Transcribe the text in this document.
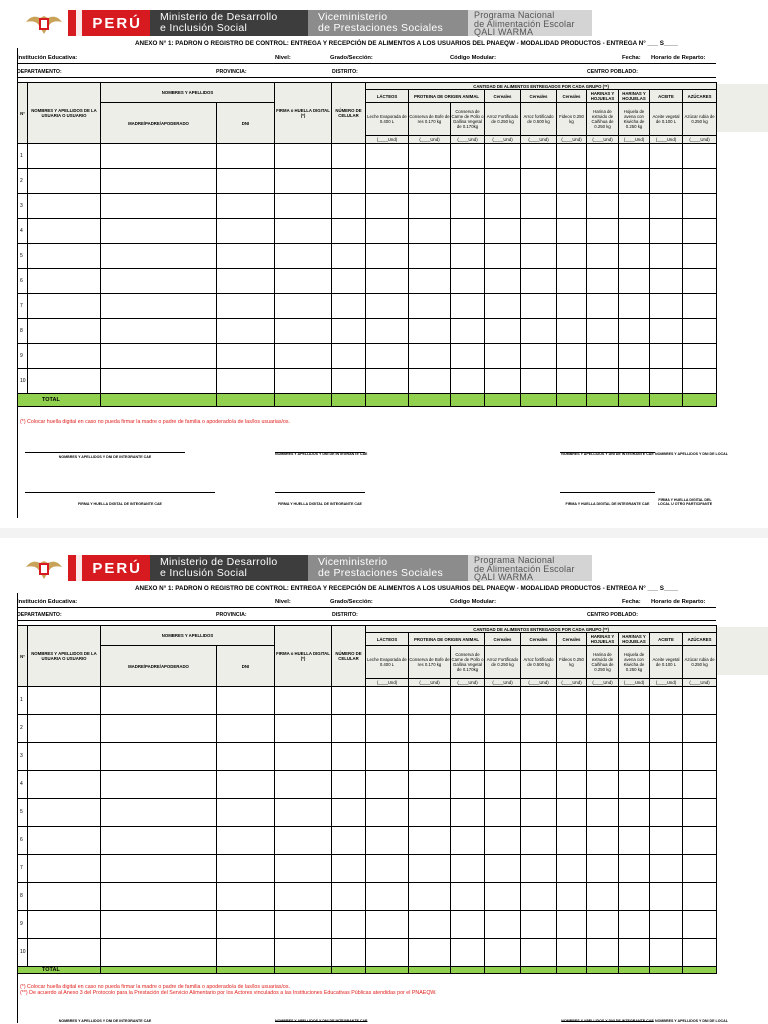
PERÚ Ministerio de Desarrollo
e Inclusión Social
Viceministerio
de Prestaciones Sociales
Programa Nacional
de Alimentación Escolar
QALI WARMA
ANEXO N° 1: PADRON O REGISTRO DE CONTROL: ENTREGA Y RECEPCIÓN DE ALIMENTOS A LOS USUARIOS DEL PNAEQW - MODALIDAD PRODUCTOS - ENTREGA N° ___ S____
Institución Educativa:	Nivel:	Grado/Sección:	Código Modular:	Fecha: Horario de Reparto:
DEPARTAMENTO:	PROVINCIA:	DISTRITO:	CENTRO POBLADO:
Nº	NOMBRES Y APELLIDOS DE LA USUARIA O USUARIO	NOMBRES Y APELLIDOS		FIRMA o HUELLA DIGITAL (*)	NÚMERO DE CELULAR	CANTIDAD DE ALIMENTOS ENTREGADOS POR CADA GRUPO (**)									
						LÁCTEOS	PROTEINA DE ORIGEN ANIMAL		Cereales	Cereales	Cereales	HARINAS Y HOJUELAS	HARINAS Y HOJUELAS	ACEITE	AZÚCARES
		MADRE/PADRE/APODERADO	DNI			Leche Evaporada de 0.400 L	Conserva de Bofe de res 0.170 kg	Conserva de Carne de Pollo o Gallina Vegetal de 0.170kg	Arroz Fortificado de 0.250 kg	Arroz fortificado de 0.500 kg	Fideos 0.250 kg	Harina de extruido de Cañihua de 0.250 kg	Hojuela de avena con Kiwicha de 0.250 kg	Aceite vegetal de 0.100 L	Azúcar rubia de 0.250 kg
						(____Und)	(____Und)	(____Und)	(____Und)	(____Und)	(____Und)	(____Und)	(____Und)	(____Und)	(____Und)
1															
2															
3															
4															
5															
6															
7															
8															
9															
10															
TOTAL															
(*) Colocar huella digital en caso no pueda firmar la madre o padre de familia o apoderado/a de las/los usuarias/os.
NOMBRES Y APELLIDOS Y DNI DE INTEGRANTE CAE
NOMBRES Y APELLIDOS Y DNI DE INTEGRANTE CAE	NOMBRES Y APELLIDOS Y DNI DE INTEGRANTE CAE NOMBRES Y APELLIDOS Y DNI DE LOCAL
FIRMA Y HUELLA DIGITAL DE INTEGRANTE CAE	FIRMA Y HUELLA DIGITAL DE INTEGRANTE CAE	FIRMA Y HUELLA DIGITAL DE INTEGRANTE CAE
FIRMA Y HUELLA DIGITAL DEL LOCAL U OTRO PARTICIPANTE
PERÚ Ministerio de Desarrollo
e Inclusión Social
Viceministerio
de Prestaciones Sociales
Programa Nacional
de Alimentación Escolar
QALI WARMA
ANEXO N° 1: PADRON O REGISTRO DE CONTROL: ENTREGA Y RECEPCIÓN DE ALIMENTOS A LOS USUARIOS DEL PNAEQW - MODALIDAD PRODUCTOS - ENTREGA N° ___ S____
Institución Educativa:	Nivel:	Grado/Sección:	Código Modular:	Fecha: Horario de Reparto:
DEPARTAMENTO:	PROVINCIA:	DISTRITO:	CENTRO POBLADO:
Nº	NOMBRES Y APELLIDOS DE LA USUARIA O USUARIO	NOMBRES Y APELLIDOS		FIRMA o HUELLA DIGITAL (*)	NÚMERO DE CELULAR	CANTIDAD DE ALIMENTOS ENTREGADOS POR CADA GRUPO (**)									
						LÁCTEOS	PROTEINA DE ORIGEN ANIMAL		Cereales	Cereales	Cereales	HARINAS Y HOJUELAS	HARINAS Y HOJUELAS	ACEITE	AZÚCARES
		MADRE/PADRE/APODERADO	DNI			Leche Evaporada de 0.400 L	Conserva de Bofe de res 0.170 kg	Conserva de Carne de Pollo o Gallina Vegetal de 0.170kg	Arroz Fortificado de 0.250 kg	Arroz fortificado de 0.500 kg	Fideos 0.250 kg	Harina de extruido de Cañihua de 0.250 kg	Hojuela de avena con Kiwicha de 0.250 kg	Aceite vegetal de 0.100 L	Azúcar rubia de 0.250 kg
						(____Und)	(____Und)	(____Und)	(____Und)	(____Und)	(____Und)	(____Und)	(____Und)	(____Und)	(____Und)
1															
2															
3															
4															
5															
6															
7															
8															
9															
10															
TOTAL															
(*) Colocar huella digital en caso no pueda firmar la madre o padre de familia o apoderado/a de las/los usuarias/os.
(**) De acuerdo al Anexo 3 del Protocolo para la Prestación del Servicio Alimentario por los Actores vinculados a las Instituciones Educativas Públicas atendidas por el PNAEQW.
NOMBRES Y APELLIDOS Y DNI DE INTEGRANTE CAE	NOMBRES Y APELLIDOS Y DNI DE INTEGRANTE CAE	NOMBRES Y APELLIDOS Y DNI DE INTEGRANTE CAE NOMBRES Y APELLIDOS Y DNI DE LOCAL
